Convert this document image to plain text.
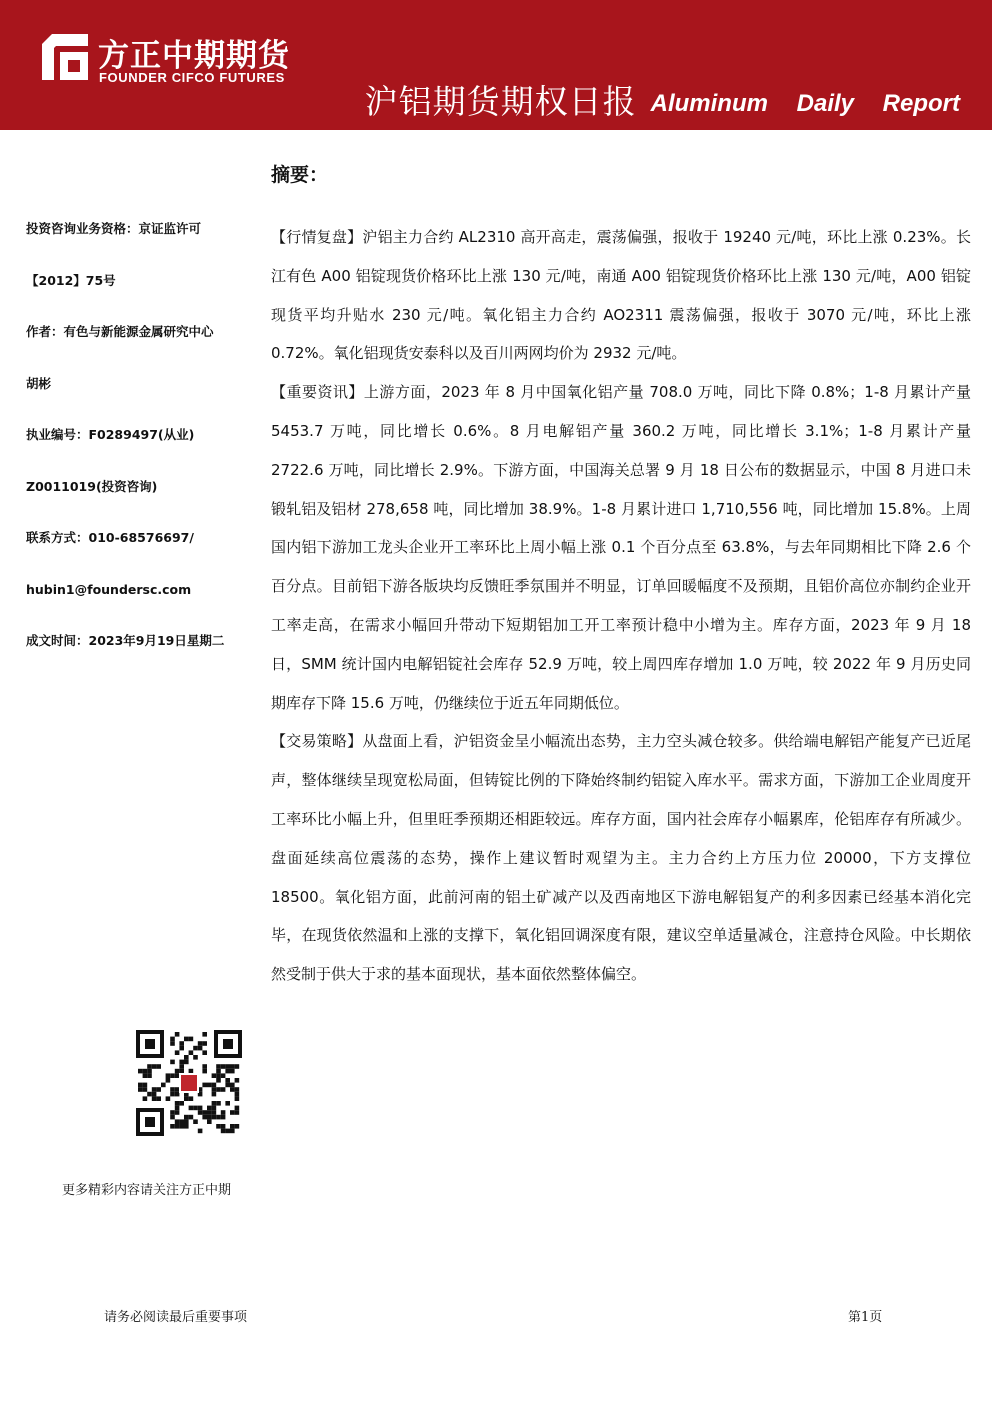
方正中期期货
FOUNDER CIFCO FUTURES
沪铝期货期权日报 Aluminum Daily Report
摘要：
投资咨询业务资格：京证监许可
【2012】75号
作者：有色与新能源金属研究中心
胡彬
执业编号：F0289497(从业)
Z0011019(投资咨询)
联系方式：010-68576697/
hubin1@foundersc.com
成文时间：2023年9月19日星期二
更多精彩内容请关注方正中期

【行情复盘】沪铝主力合约 AL2310 高开高走，震荡偏强，报收于 19240 元/吨，环比上涨 0.23%。长江有色 A00 铝锭现货价格环比上涨 130 元/吨，南通 A00 铝锭现货价格环比上涨 130 元/吨，A00 铝锭现货平均升贴水 230 元/吨。氧化铝主力合约 AO2311 震荡偏强，报收于 3070 元/吨，环比上涨 0.72%。氧化铝现货安泰科以及百川两网均价为 2932 元/吨。

【重要资讯】上游方面，2023 年 8 月中国氧化铝产量 708.0 万吨，同比下降 0.8%；1-8 月累计产量 5453.7 万吨，同比增长 0.6%。8 月电解铝产量 360.2 万吨，同比增长 3.1%；1-8 月累计产量 2722.6 万吨，同比增长 2.9%。下游方面，中国海关总署 9 月 18 日公布的数据显示，中国 8 月进口未锻轧铝及铝材 278,658 吨，同比增加 38.9%。1-8 月累计进口 1,710,556 吨，同比增加 15.8%。上周国内铝下游加工龙头企业开工率环比上周小幅上涨 0.1 个百分点至 63.8%，与去年同期相比下降 2.6 个百分点。目前铝下游各版块均反馈旺季氛围并不明显，订单回暖幅度不及预期，且铝价高位亦制约企业开工率走高，在需求小幅回升带动下短期铝加工开工率预计稳中小增为主。库存方面，2023 年 9 月 18 日，SMM 统计国内电解铝锭社会库存 52.9 万吨，较上周四库存增加 1.0 万吨，较 2022 年 9 月历史同期库存下降 15.6 万吨，仍继续位于近五年同期低位。

【交易策略】从盘面上看，沪铝资金呈小幅流出态势，主力空头减仓较多。供给端电解铝产能复产已近尾声，整体继续呈现宽松局面，但铸锭比例的下降始终制约铝锭入库水平。需求方面，下游加工企业周度开工率环比小幅上升，但里旺季预期还相距较远。库存方面，国内社会库存小幅累库，伦铝库存有所减少。盘面延续高位震荡的态势，操作上建议暂时观望为主。主力合约上方压力位 20000，下方支撑位 18500。氧化铝方面，此前河南的铝土矿减产以及西南地区下游电解铝复产的利多因素已经基本消化完毕，在现货依然温和上涨的支撑下，氧化铝回调深度有限，建议空单适量减仓，注意持仓风险。中长期依然受制于供大于求的基本面现状，基本面依然整体偏空。

请务必阅读最后重要事项	第1页
